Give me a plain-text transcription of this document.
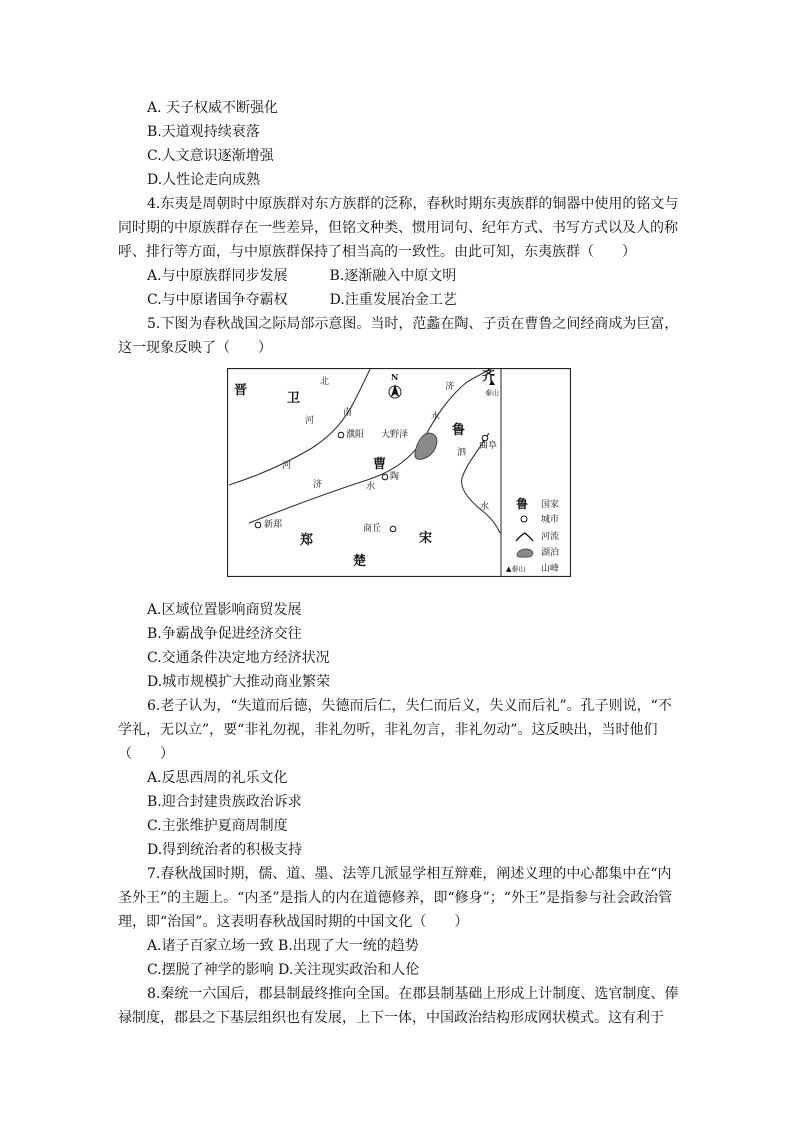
A. 天子权威不断强化
B.天道观持续衰落
C.人文意识逐渐增强
D.人性论走向成熟
4.东夷是周朝时中原族群对东方族群的泛称，春秋时期东夷族群的铜器中使用的铭文与
同时期的中原族群存在一些差异，但铭文种类、惯用词句、纪年方式、书写方式以及人的称
呼、排行等方面，与中原族群保持了相当高的一致性。由此可知，东夷族群（　　）
A.与中原族群同步发展　　　B.逐渐融入中原文明
C.与中原诸国争夺霸权　　　D.注重发展冶金工艺
5.下图为春秋战国之际局部示意图。当时，范蠡在陶、子贡在曹鲁之间经商成为巨富，
这一现象反映了（　　）
晋
卫
齐
鲁
曹
郑	宋
楚
N
濮阳
曲阜
陶
新郑	商丘
大野泽
泰山
北
河
南
济
水
泗
河
济	水
水 鲁 国家
城市
河流
湖泊
▲泰山 山峰
A.区域位置影响商贸发展
B.争霸战争促进经济交往
C.交通条件决定地方经济状况
D.城市规模扩大推动商业繁荣
6.老子认为，“失道而后德，失德而后仁，失仁而后义，失义而后礼”。孔子则说，“不
学礼，无以立”，要“非礼勿视，非礼勿听，非礼勿言，非礼勿动”。这反映出，当时他们
（　　）
A.反思西周的礼乐文化
B.迎合封建贵族政治诉求
C.主张维护夏商周制度
D.得到统治者的积极支持
7.春秋战国时期，儒、道、墨、法等几派显学相互辩难，阐述义理的中心都集中在“内
圣外王”的主题上。“内圣”是指人的内在道德修养，即“修身”；“外王”是指参与社会政治管
理，即“治国”。这表明春秋战国时期的中国文化（　　）
A.诸子百家立场一致 B.出现了大一统的趋势
C.摆脱了神学的影响 D.关注现实政治和人伦
8.秦统一六国后，郡县制最终推向全国。在郡县制基础上形成上计制度、选官制度、俸
禄制度，郡县之下基层组织也有发展，上下一体，中国政治结构形成网状模式。这有利于
